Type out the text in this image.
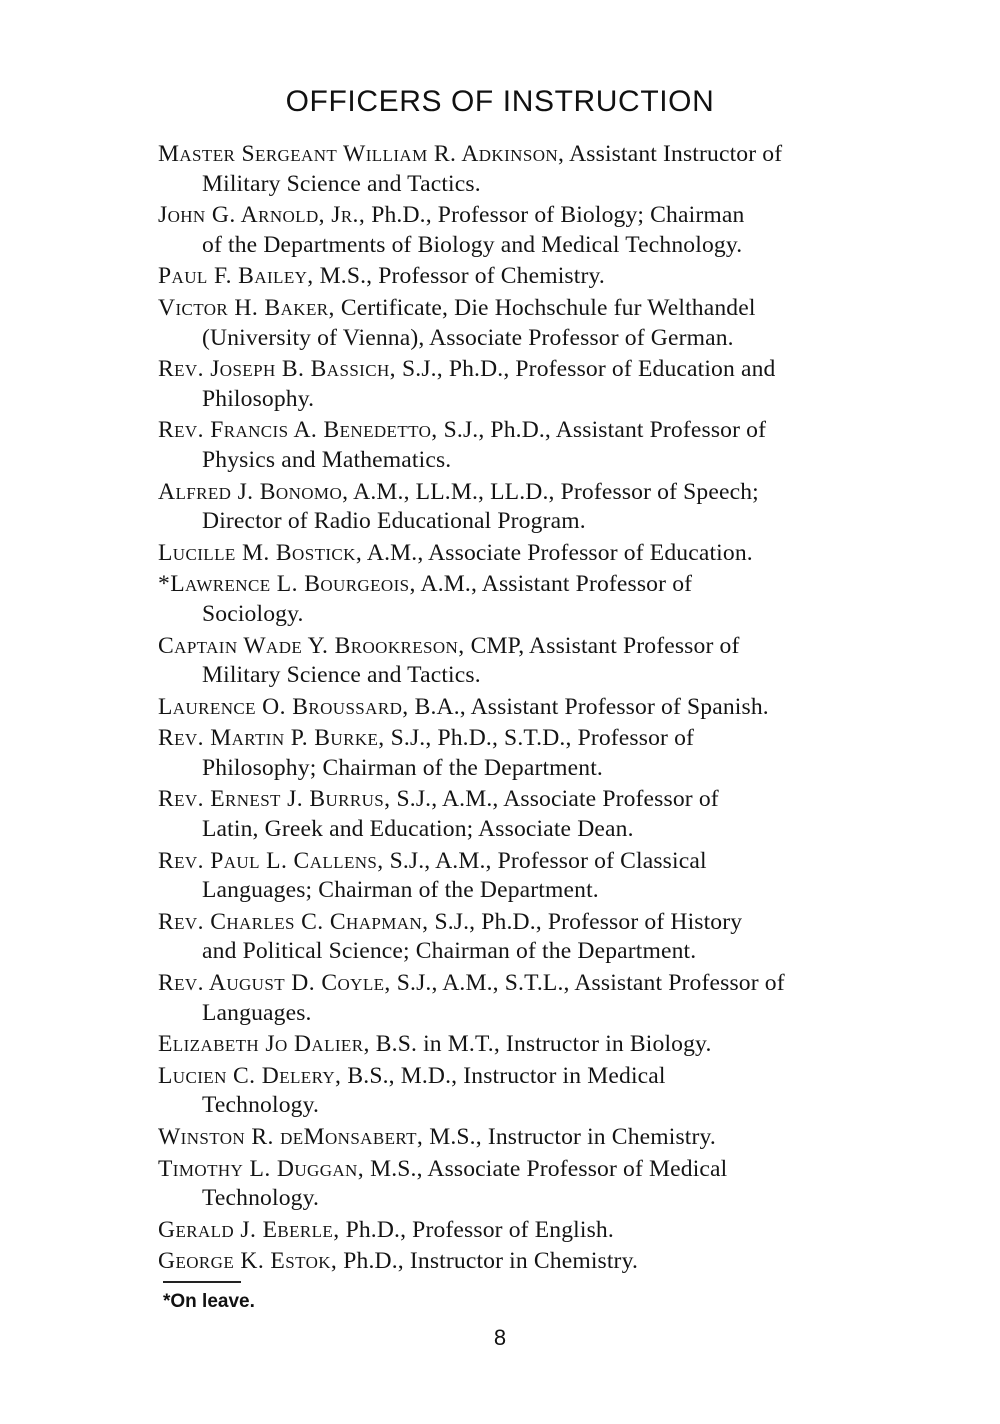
OFFICERS OF INSTRUCTION
Master Sergeant William R. Adkinson, Assistant Instructor of
Military Science and Tactics.
John G. Arnold, Jr., Ph.D., Professor of Biology; Chairman
of the Departments of Biology and Medical Technology.
Paul F. Bailey, M.S., Professor of Chemistry.
Victor H. Baker, Certificate, Die Hochschule fur Welthandel
(University of Vienna), Associate Professor of German.
Rev. Joseph B. Bassich, S.J., Ph.D., Professor of Education and
Philosophy.
Rev. Francis A. Benedetto, S.J., Ph.D., Assistant Professor of
Physics and Mathematics.
Alfred J. Bonomo, A.M., LL.M., LL.D., Professor of Speech;
Director of Radio Educational Program.
Lucille M. Bostick, A.M., Associate Professor of Education.
*Lawrence L. Bourgeois, A.M., Assistant Professor of
Sociology.
Captain Wade Y. Brookreson, CMP, Assistant Professor of
Military Science and Tactics.
Laurence O. Broussard, B.A., Assistant Professor of Spanish.
Rev. Martin P. Burke, S.J., Ph.D., S.T.D., Professor of
Philosophy; Chairman of the Department.
Rev. Ernest J. Burrus, S.J., A.M., Associate Professor of
Latin, Greek and Education; Associate Dean.
Rev. Paul L. Callens, S.J., A.M., Professor of Classical
Languages; Chairman of the Department.
Rev. Charles C. Chapman, S.J., Ph.D., Professor of History
and Political Science; Chairman of the Department.
Rev. August D. Coyle, S.J., A.M., S.T.L., Assistant Professor of
Languages.
Elizabeth Jo Dalier, B.S. in M.T., Instructor in Biology.
Lucien C. Delery, B.S., M.D., Instructor in Medical
Technology.
Winston R. deMonsabert, M.S., Instructor in Chemistry.
Timothy L. Duggan, M.S., Associate Professor of Medical
Technology.
Gerald J. Eberle, Ph.D., Professor of English.
George K. Estok, Ph.D., Instructor in Chemistry.
*On leave.
8
